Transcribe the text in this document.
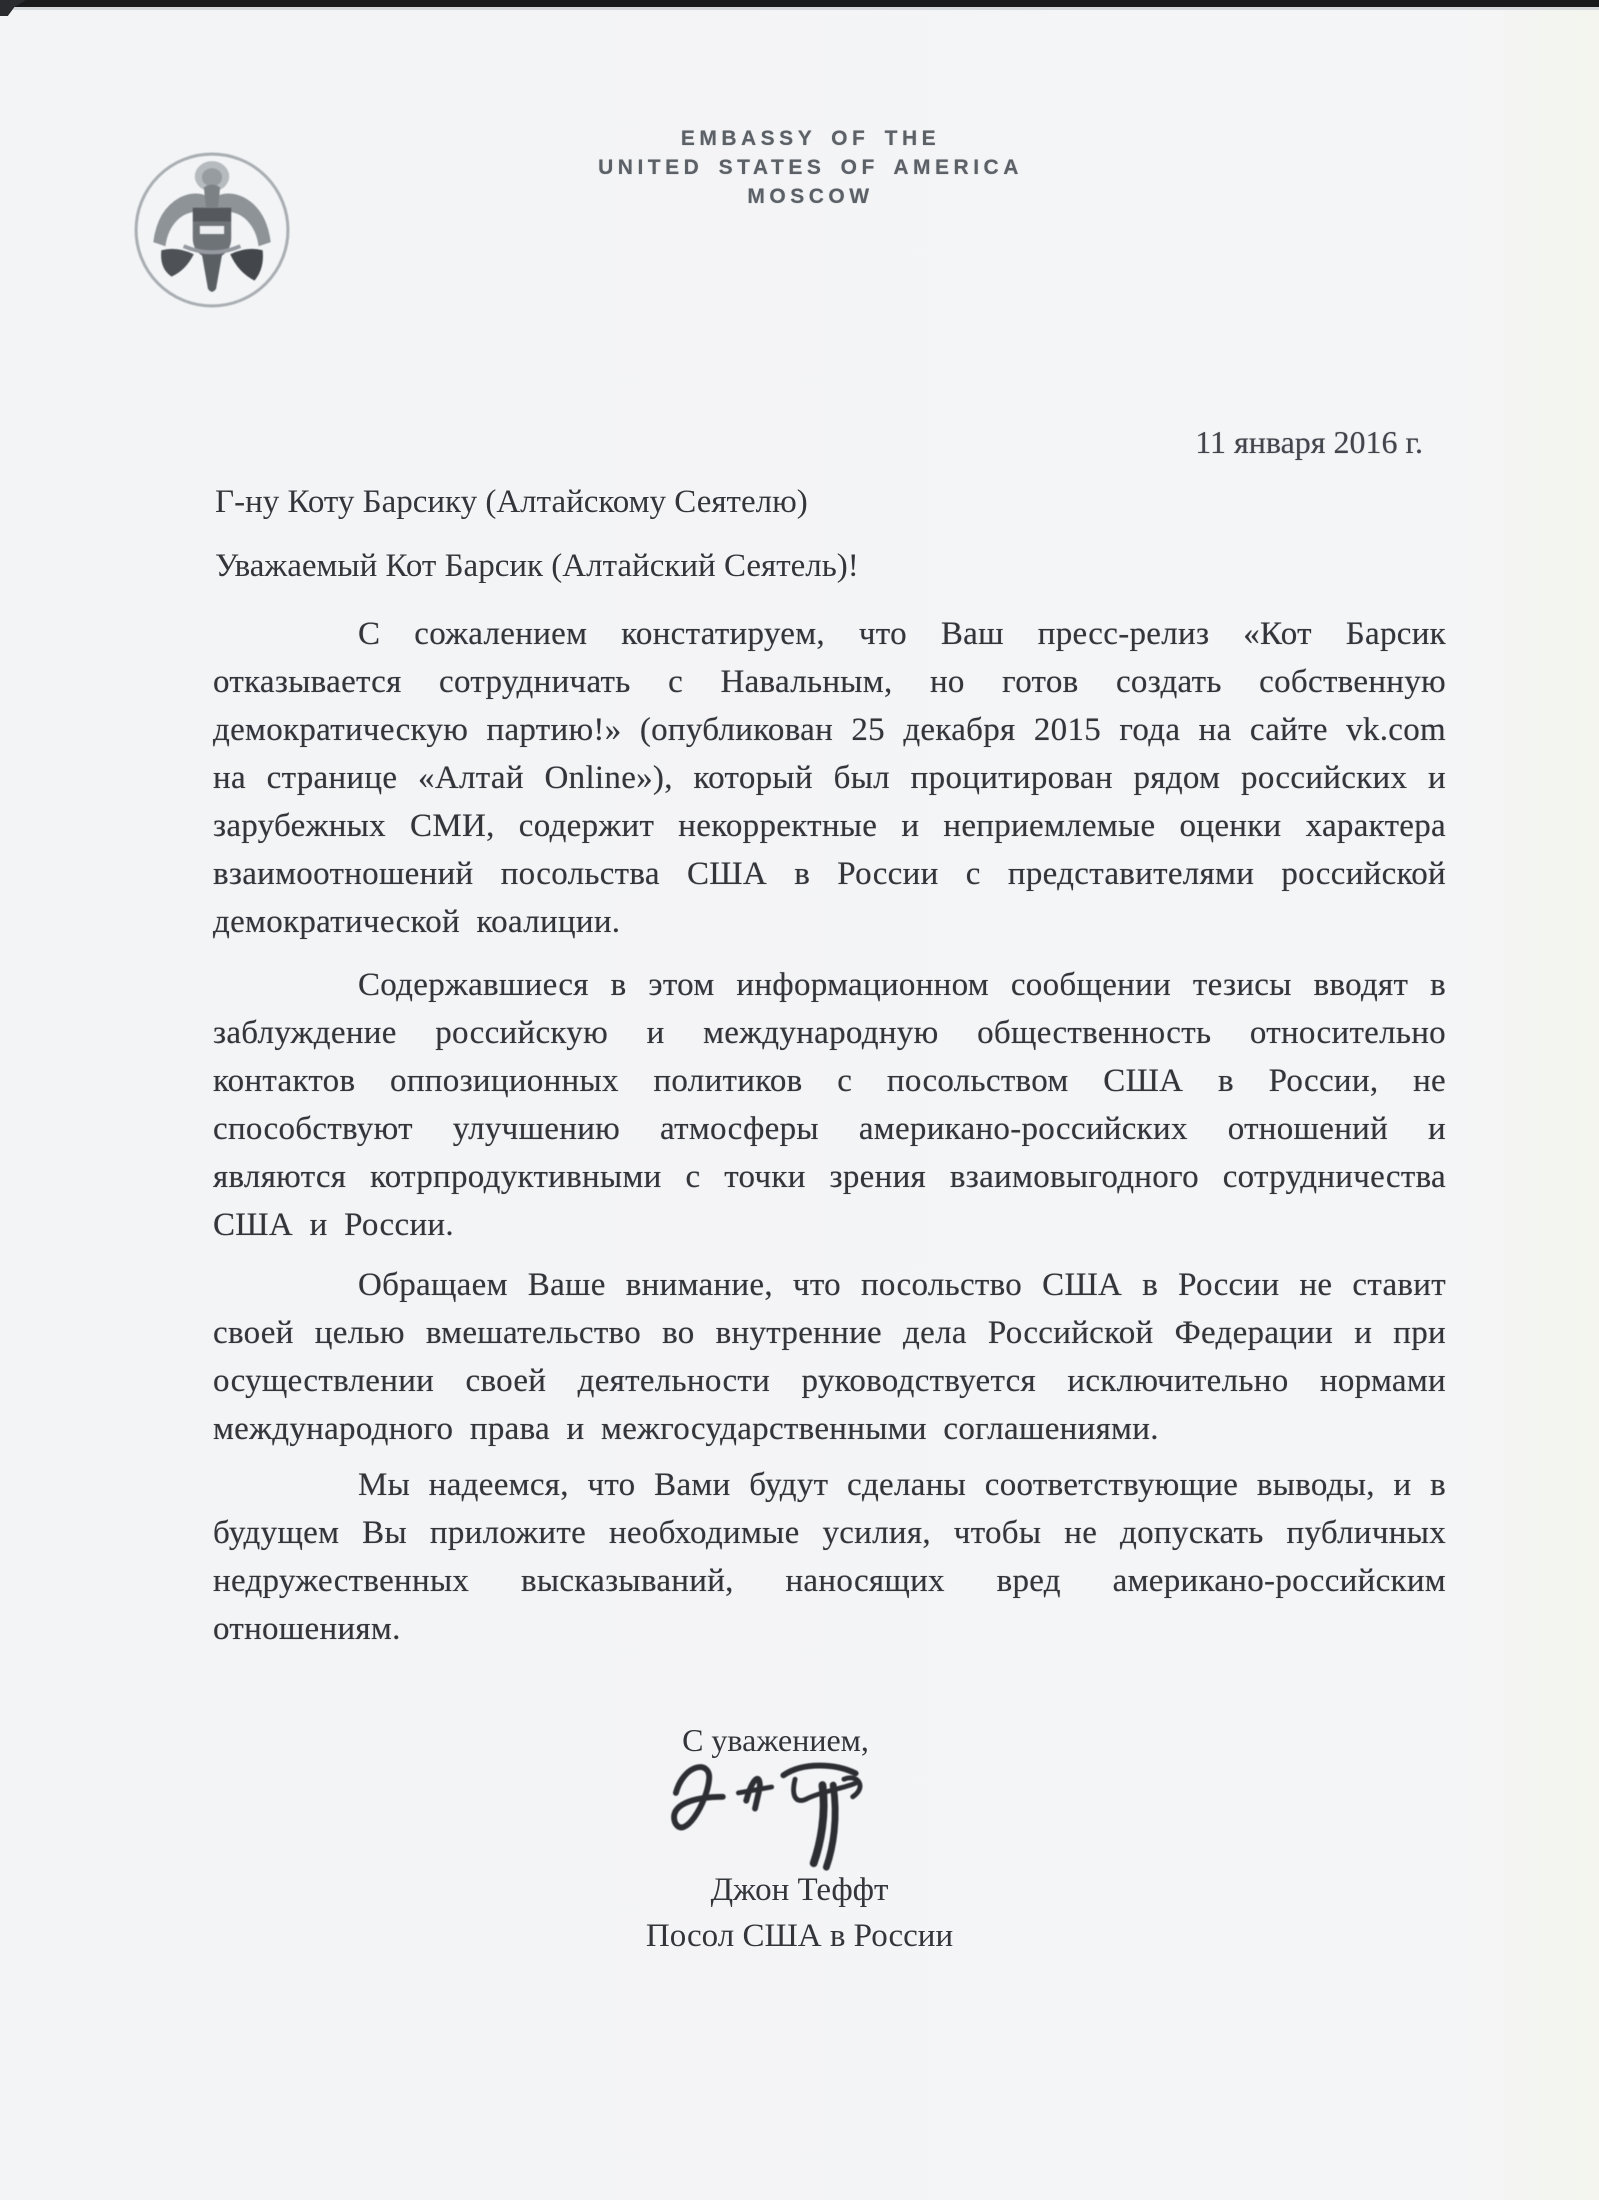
EMBASSY OF THE
UNITED STATES OF AMERICA
MOSCOW
11 января 2016 г.
Г-ну Коту Барсику (Алтайскому Сеятелю)
Уважаемый Кот Барсик (Алтайский Сеятель)!
С сожалением констатируем, что Ваш пресс-релиз «Кот Барсик отказывается сотрудничать с Навальным, но готов создать собственную демократическую партию!» (опубликован 25 декабря 2015 года на сайте vk.com на странице «Алтай Online»), который был процитирован рядом российских и зарубежных СМИ, содержит некорректные и неприемлемые оценки характера взаимоотношений посольства США в России с представителями российской демократической коалиции.
Содержавшиеся в этом информационном сообщении тезисы вводят в заблуждение российскую и международную общественность относительно контактов оппозиционных политиков с посольством США в России, не способствуют улучшению атмосферы американо-российских отношений и являются котрпродуктивными с точки зрения взаимовыгодного сотрудничества США и России.
Обращаем Ваше внимание, что посольство США в России не ставит своей целью вмешательство во внутренние дела Российской Федерации и при осуществлении своей деятельности руководствуется исключительно нормами международного права и межгосударственными соглашениями.
Мы надеемся, что Вами будут сделаны соответствующие выводы, и в будущем Вы приложите необходимые усилия, чтобы не допускать публичных недружественных высказываний, наносящих вред американо-российским отношениям.
С уважением,
Джон Теффт
Посол США в России
